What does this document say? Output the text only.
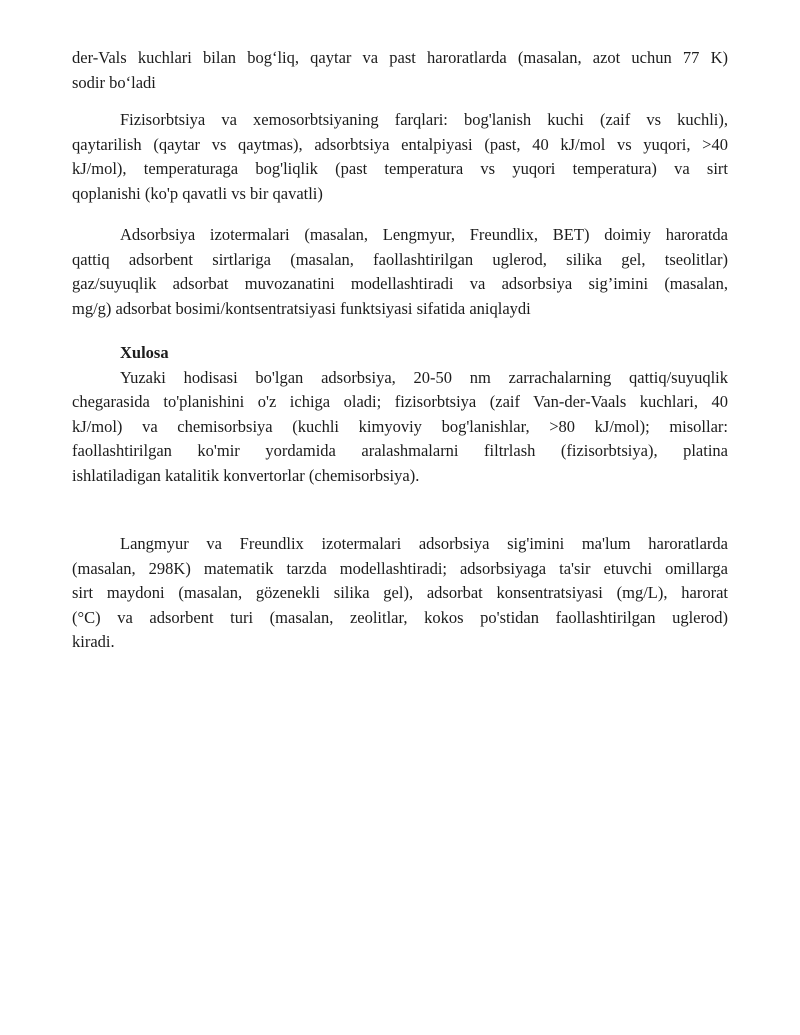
der-Vals kuchlari bilan bog‘liq, qaytar va past haroratlarda (masalan, azot uchun 77 K)
sodir bo‘ladi
Fizisorbtsiya va xemosorbtsiyaning farqlari: bog'lanish kuchi (zaif vs kuchli),
qaytarilish (qaytar vs qaytmas), adsorbtsiya entalpiyasi (past, 40 kJ/mol vs yuqori, >40
kJ/mol), temperaturaga bog'liqlik (past temperatura vs yuqori temperatura) va sirt
qoplanishi (ko'p qavatli vs bir qavatli)
Adsorbsiya izotermalari (masalan, Lengmyur, Freundlix, BET) doimiy haroratda
qattiq adsorbent sirtlariga (masalan, faollashtirilgan uglerod, silika gel, tseolitlar)
gaz/suyuqlik adsorbat muvozanatini modellashtiradi va adsorbsiya sig’imini (masalan,
mg/g) adsorbat bosimi/kontsentratsiyasi funktsiyasi sifatida aniqlaydi
Xulosa
Yuzaki hodisasi bo'lgan adsorbsiya, 20-50 nm zarrachalarning qattiq/suyuqlik
chegarasida to'planishini o'z ichiga oladi; fizisorbtsiya (zaif Van-der-Vaals kuchlari, 40
kJ/mol) va chemisorbsiya (kuchli kimyoviy bog'lanishlar, >80 kJ/mol); misollar:
faollashtirilgan ko'mir yordamida aralashmalarni filtrlash (fizisorbtsiya), platina
ishlatiladigan katalitik konvertorlar (chemisorbsiya).
Langmyur va Freundlix izotermalari adsorbsiya sig'imini ma'lum haroratlarda
(masalan, 298K) matematik tarzda modellashtiradi; adsorbsiyaga ta'sir etuvchi omillarga
sirt maydoni (masalan, gözenekli silika gel), adsorbat konsentratsiyasi (mg/L), harorat
(°C) va adsorbent turi (masalan, zeolitlar, kokos po'stidan faollashtirilgan uglerod)
kiradi.
